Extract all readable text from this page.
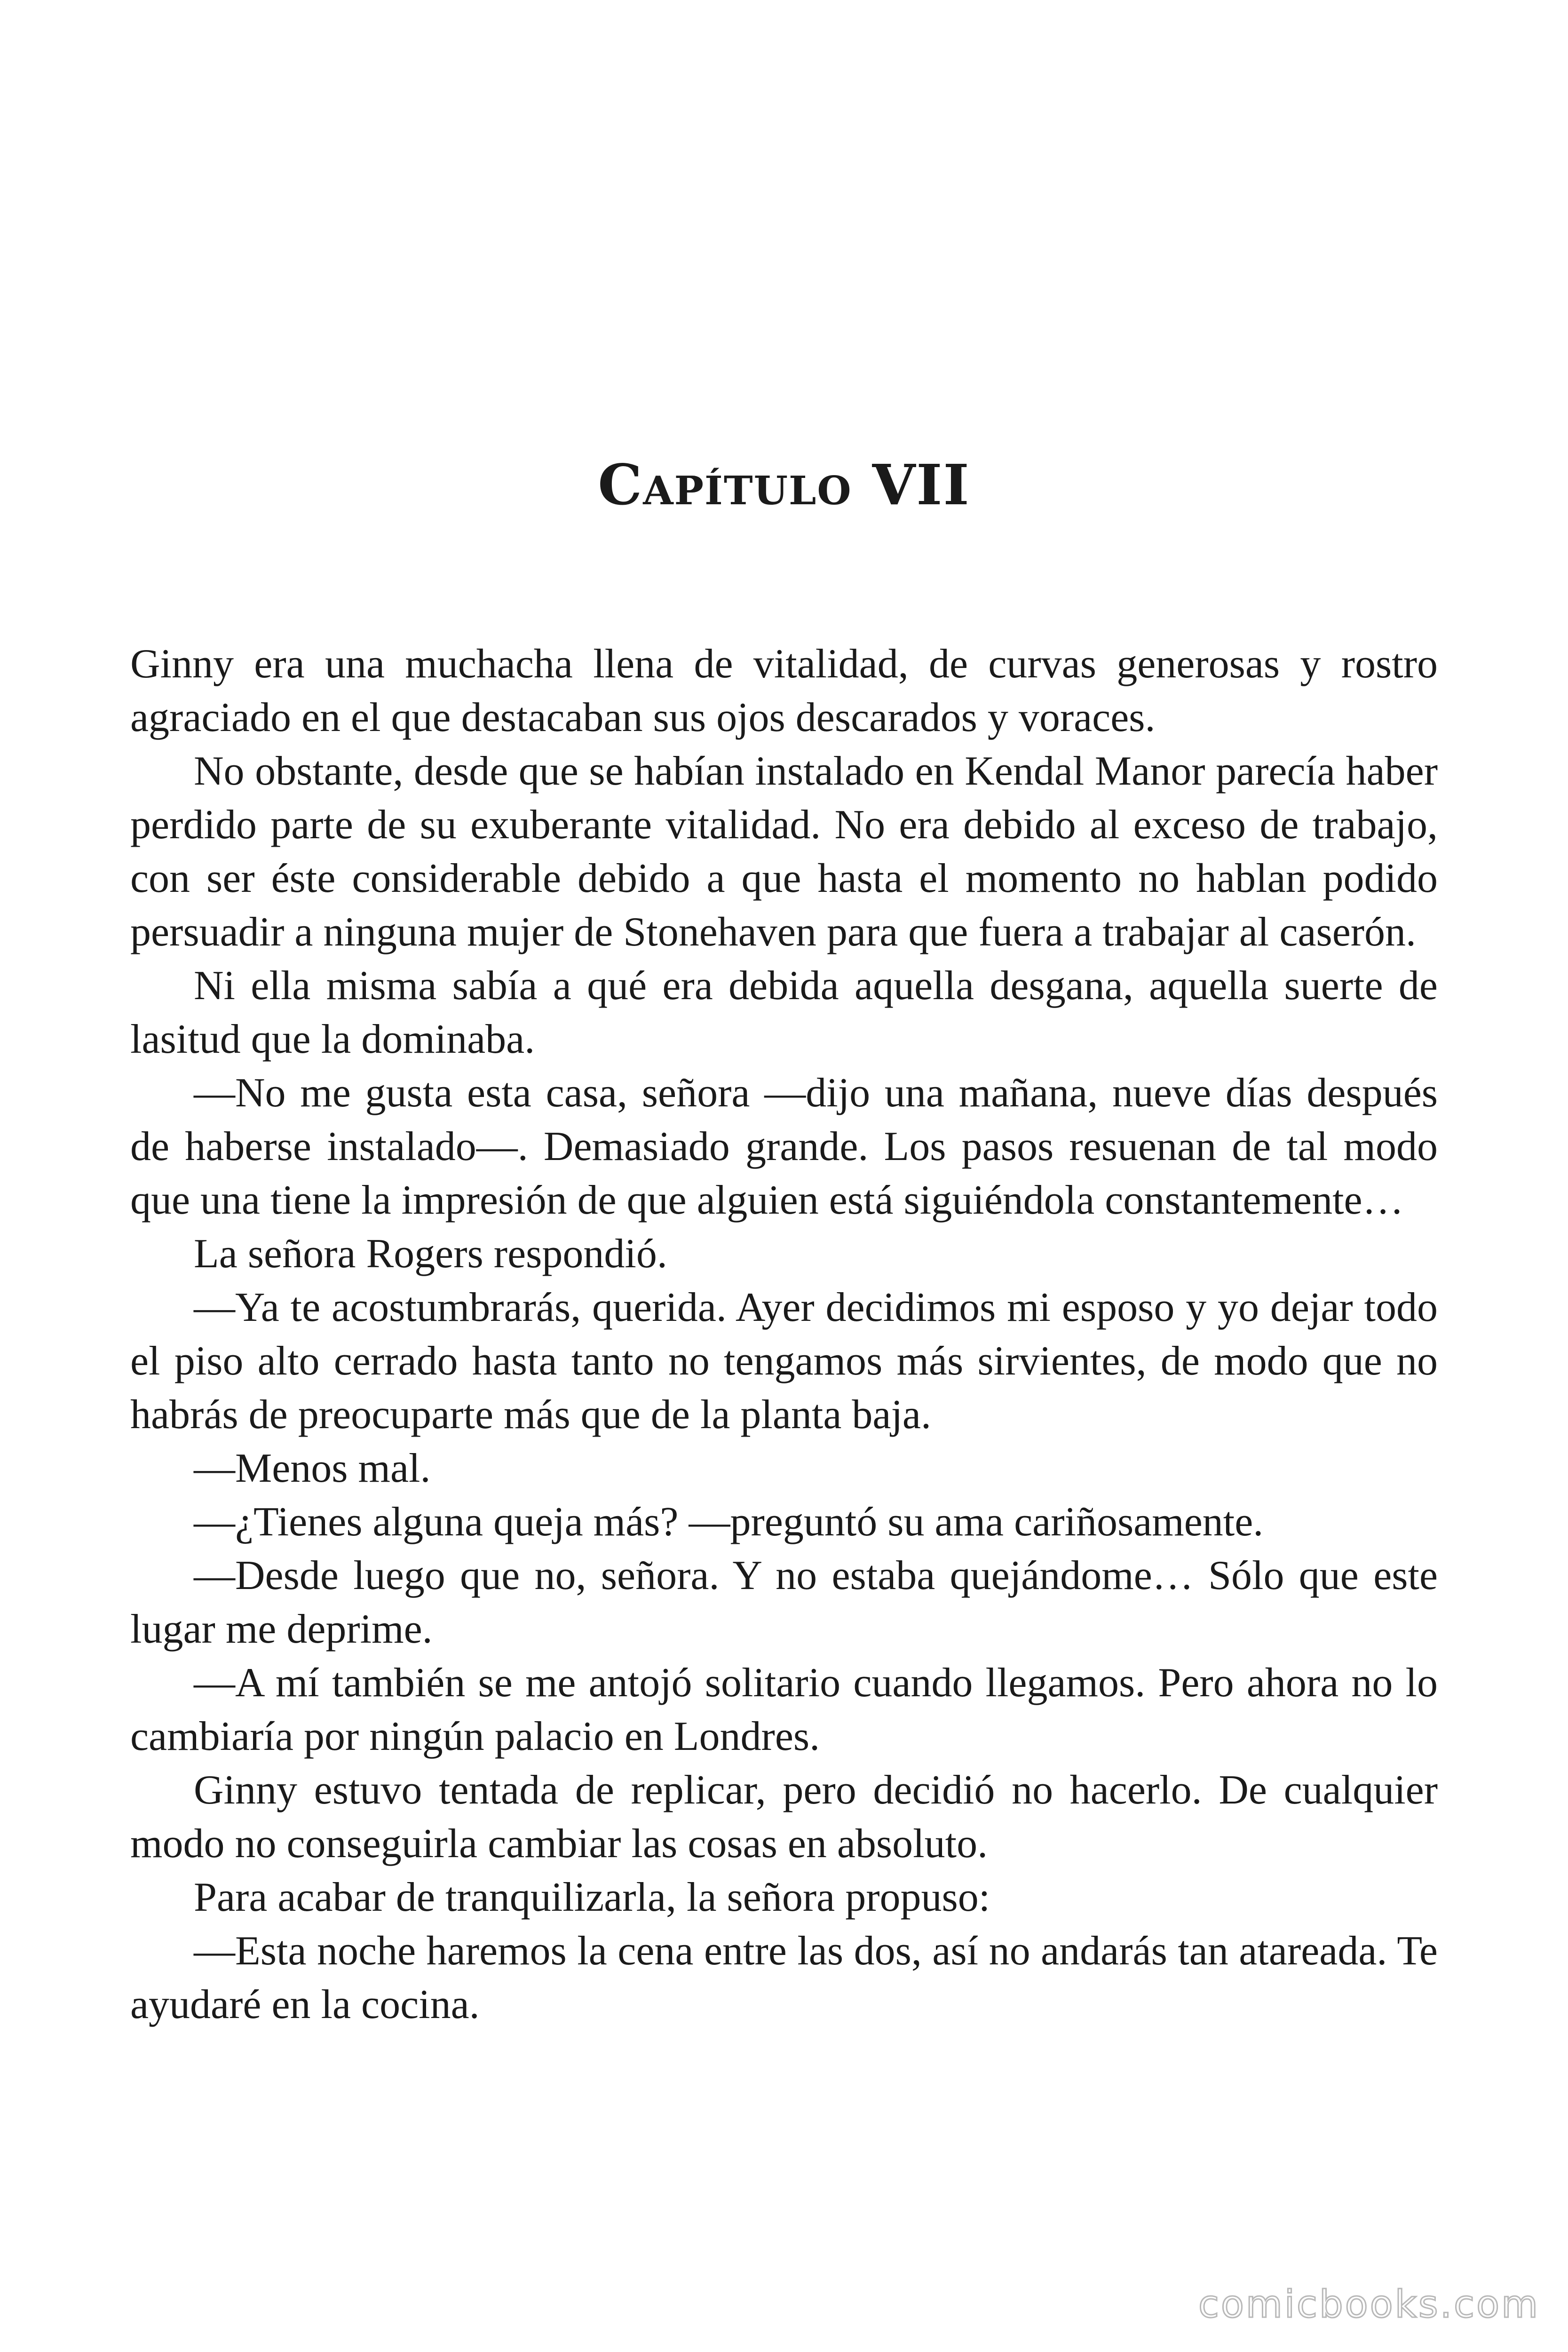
Capítulo VII

Ginny era una muchacha llena de vitalidad, de curvas generosas y rostro agraciado en el que destacaban sus ojos descarados y voraces.

No obstante, desde que se habían instalado en Kendal Manor parecía haber perdido parte de su exuberante vitalidad. No era debido al exceso de trabajo, con ser éste considerable debido a que hasta el momento no hablan podido persuadir a ninguna mujer de Stonehaven para que fuera a trabajar al caserón.

Ni ella misma sabía a qué era debida aquella desgana, aquella suerte de lasitud que la dominaba.

—No me gusta esta casa, señora —dijo una mañana, nueve días después de haberse instalado—. Demasiado grande. Los pasos resuenan de tal modo que una tiene la impresión de que alguien está siguiéndola constantemente…

La señora Rogers respondió.

—Ya te acostumbrarás, querida. Ayer decidimos mi esposo y yo dejar todo el piso alto cerrado hasta tanto no tengamos más sirvientes, de modo que no habrás de preocuparte más que de la planta baja.

—Menos mal.

—¿Tienes alguna queja más? —preguntó su ama cariñosamente.

—Desde luego que no, señora. Y no estaba quejándome… Sólo que este lugar me deprime.

—A mí también se me antojó solitario cuando llegamos. Pero ahora no lo cambiaría por ningún palacio en Londres.

Ginny estuvo tentada de replicar, pero decidió no hacerlo. De cualquier modo no conseguirla cambiar las cosas en absoluto.

Para acabar de tranquilizarla, la señora propuso:

—Esta noche haremos la cena entre las dos, así no andarás tan atareada. Te ayudaré en la cocina.

comicbooks.com
